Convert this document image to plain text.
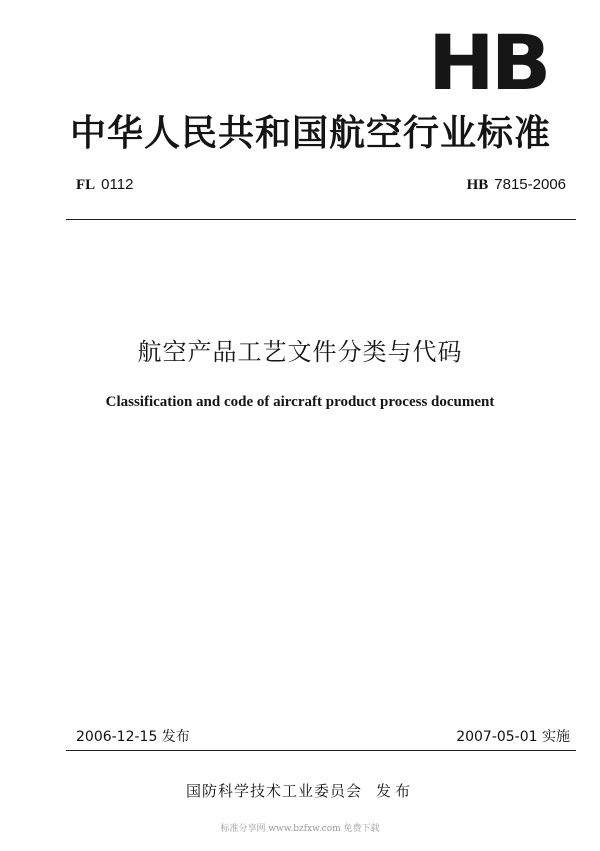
HB
中华人民共和国航空行业标准
FL 0112	HB 7815-2006
航空产品工艺文件分类与代码
Classification and code of aircraft product process document
2006-12-15 发布	2007-05-01 实施
国防科学技术工业委员会 发布
标准分享网 www.bzfxw.com 免费下载
